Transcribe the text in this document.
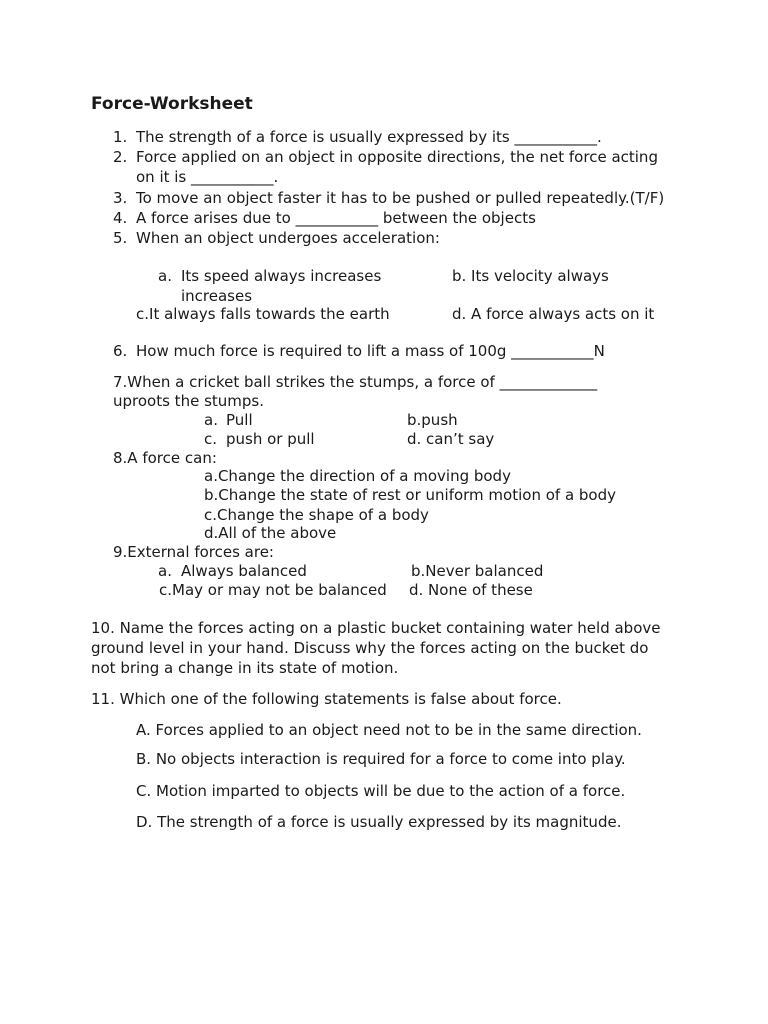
Force-Worksheet
1. The strength of a force is usually expressed by its ___________.
2. Force applied on an object in opposite directions, the net force acting
on it is ___________.
3. To move an object faster it has to be pushed or pulled repeatedly.(T/F)
4. A force arises due to ___________ between the objects
5. When an object undergoes acceleration:
a. Its speed always increases	b. Its velocity always
increases
c.It always falls towards the earth	d. A force always acts on it
6. How much force is required to lift a mass of 100g ___________N
7.When a cricket ball strikes the stumps, a force of _____________
uproots the stumps.
a. Pull	b.push
c. push or pull	d. can’t say
8.A force can:
a.Change the direction of a moving body
b.Change the state of rest or uniform motion of a body
c.Change the shape of a body
d.All of the above
9.External forces are:
a. Always balanced	b.Never balanced
c.May or may not be balanced d. None of these
10. Name the forces acting on a plastic bucket containing water held above
ground level in your hand. Discuss why the forces acting on the bucket do
not bring a change in its state of motion.
11. Which one of the following statements is false about force.
A. Forces applied to an object need not to be in the same direction.
B. No objects interaction is required for a force to come into play.
C. Motion imparted to objects will be due to the action of a force.
D. The strength of a force is usually expressed by its magnitude.
